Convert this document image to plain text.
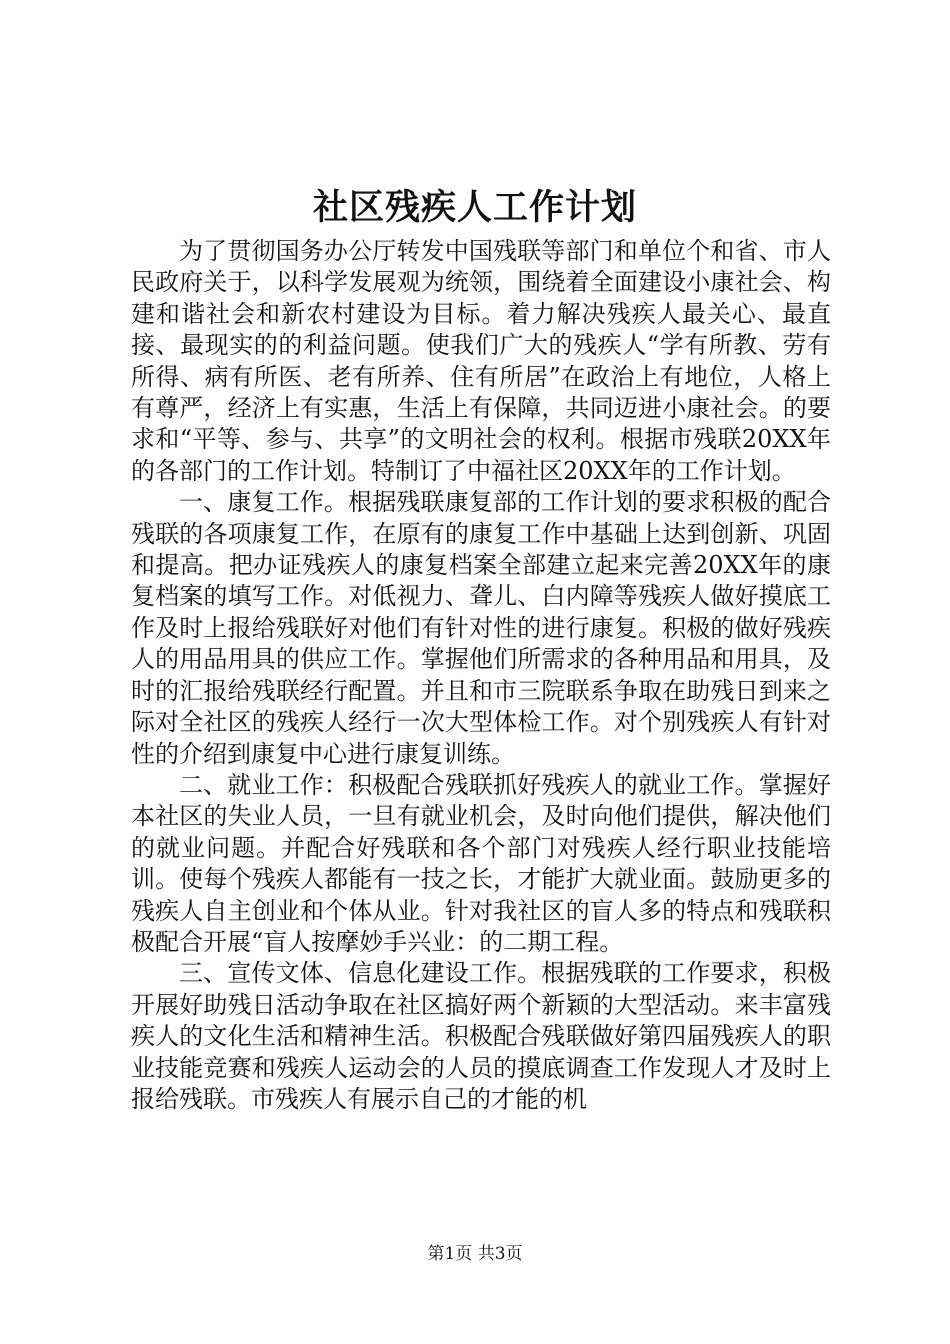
社区残疾人工作计划

为了贯彻国务办公厅转发中国残联等部门和单位个和省、市人民政府关于，以科学发展观为统领，围绕着全面建设小康社会、构建和谐社会和新农村建设为目标。着力解决残疾人最关心、最直接、最现实的的利益问题。使我们广大的残疾人“学有所教、劳有所得、病有所医、老有所养、住有所居”在政治上有地位，人格上有尊严，经济上有实惠，生活上有保障，共同迈进小康社会。的要求和“平等、参与、共享”的文明社会的权利。根据市残联20XX年的各部门的工作计划。特制订了中福社区20XX年的工作计划。

一、康复工作。根据残联康复部的工作计划的要求积极的配合残联的各项康复工作，在原有的康复工作中基础上达到创新、巩固和提高。把办证残疾人的康复档案全部建立起来完善20XX年的康复档案的填写工作。对低视力、聋儿、白内障等残疾人做好摸底工作及时上报给残联好对他们有针对性的进行康复。积极的做好残疾人的用品用具的供应工作。掌握他们所需求的各种用品和用具，及时的汇报给残联经行配置。并且和市三院联系争取在助残日到来之际对全社区的残疾人经行一次大型体检工作。对个别残疾人有针对性的介绍到康复中心进行康复训练。

二、就业工作：积极配合残联抓好残疾人的就业工作。掌握好本社区的失业人员，一旦有就业机会，及时向他们提供，解决他们的就业问题。并配合好残联和各个部门对残疾人经行职业技能培训。使每个残疾人都能有一技之长，才能扩大就业面。鼓励更多的残疾人自主创业和个体从业。针对我社区的盲人多的特点和残联积极配合开展“盲人按摩妙手兴业：的二期工程。

三、宣传文体、信息化建设工作。根据残联的工作要求，积极开展好助残日活动争取在社区搞好两个新颖的大型活动。来丰富残疾人的文化生活和精神生活。积极配合残联做好第四届残疾人的职业技能竞赛和残疾人运动会的人员的摸底调查工作发现人才及时上报给残联。市残疾人有展示自己的才能的机

第1页 共3页
